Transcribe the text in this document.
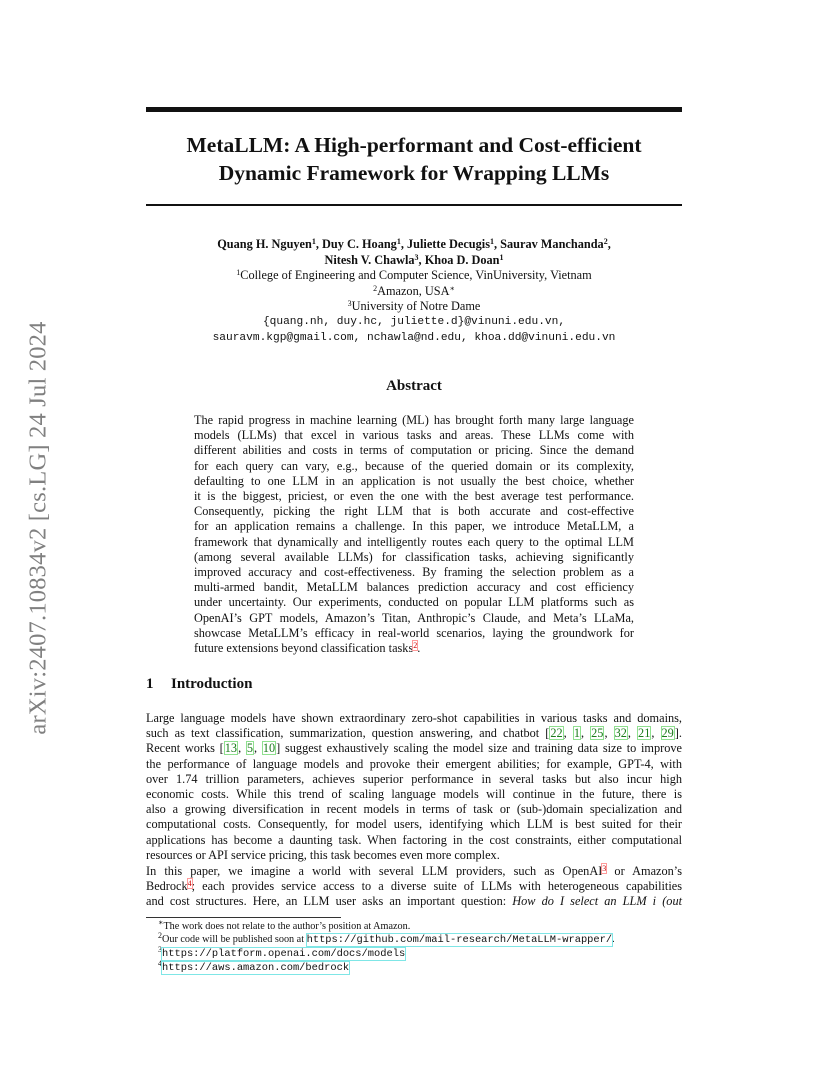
arXiv:2407.10834v2 [cs.LG] 24 Jul 2024
MetaLLM: A High-performant and Cost-efficient
Dynamic Framework for Wrapping LLMs
Quang H. Nguyen$^1$, Duy C. Hoang$^1$, Juliette Decugis$^1$, Saurav Manchanda$^2$,
Nitesh V. Chawla$^3$, Khoa D. Doan$^1$
$^1$College of Engineering and Computer Science, VinUniversity, Vietnam
$^2$Amazon, USA∗
$^3$University of Notre Dame
{quang.nh, duy.hc, juliette.d}@vinuni.edu.vn,
sauravm.kgp@gmail.com, nchawla@nd.edu, khoa.dd@vinuni.edu.vn
Abstract
The rapid progress in machine learning (ML) has brought forth many large language
models (LLMs) that excel in various tasks and areas. These LLMs come with
different abilities and costs in terms of computation or pricing. Since the demand
for each query can vary, e.g., because of the queried domain or its complexity,
defaulting to one LLM in an application is not usually the best choice, whether
it is the biggest, priciest, or even the one with the best average test performance.
Consequently, picking the right LLM that is both accurate and cost-effective
for an application remains a challenge. In this paper, we introduce MetaLLM, a
framework that dynamically and intelligently routes each query to the optimal LLM
(among several available LLMs) for classification tasks, achieving significantly
improved accuracy and cost-effectiveness. By framing the selection problem as a
multi-armed bandit, MetaLLM balances prediction accuracy and cost efficiency
under uncertainty. Our experiments, conducted on popular LLM platforms such as
OpenAI’s GPT models, Amazon’s Titan, Anthropic’s Claude, and Meta’s LLaMa,
showcase MetaLLM’s efficacy in real-world scenarios, laying the groundwork for
future extensions beyond classification tasks$^2$.
1 Introduction
Large language models have shown extraordinary zero-shot capabilities in various tasks and domains,
such as text classification, summarization, question answering, and chatbot [22, 1, 25, 32, 21, 29].
Recent works [13, 5, 10] suggest exhaustively scaling the model size and training data size to improve
the performance of language models and provoke their emergent abilities; for example, GPT-4, with
over 1.74 trillion parameters, achieves superior performance in several tasks but also incur high
economic costs. While this trend of scaling language models will continue in the future, there is
also a growing diversification in recent models in terms of task or (sub-)domain specialization and
computational costs. Consequently, for model users, identifying which LLM is best suited for their
applications has become a daunting task. When factoring in the cost constraints, either computational
resources or API service pricing, this task becomes even more complex.
In this paper, we imagine a world with several LLM providers, such as OpenAI$^3$ or Amazon’s
Bedrock$^4$; each provides service access to a diverse suite of LLMs with heterogeneous capabilities
and cost structures. Here, an LLM user asks an important question: How do I select an LLM i (out
∗The work does not relate to the author’s position at Amazon.
$^2$Our code will be published soon at https://github.com/mail-research/MetaLLM-wrapper/.
$^3$https://platform.openai.com/docs/models
$^4$https://aws.amazon.com/bedrock
